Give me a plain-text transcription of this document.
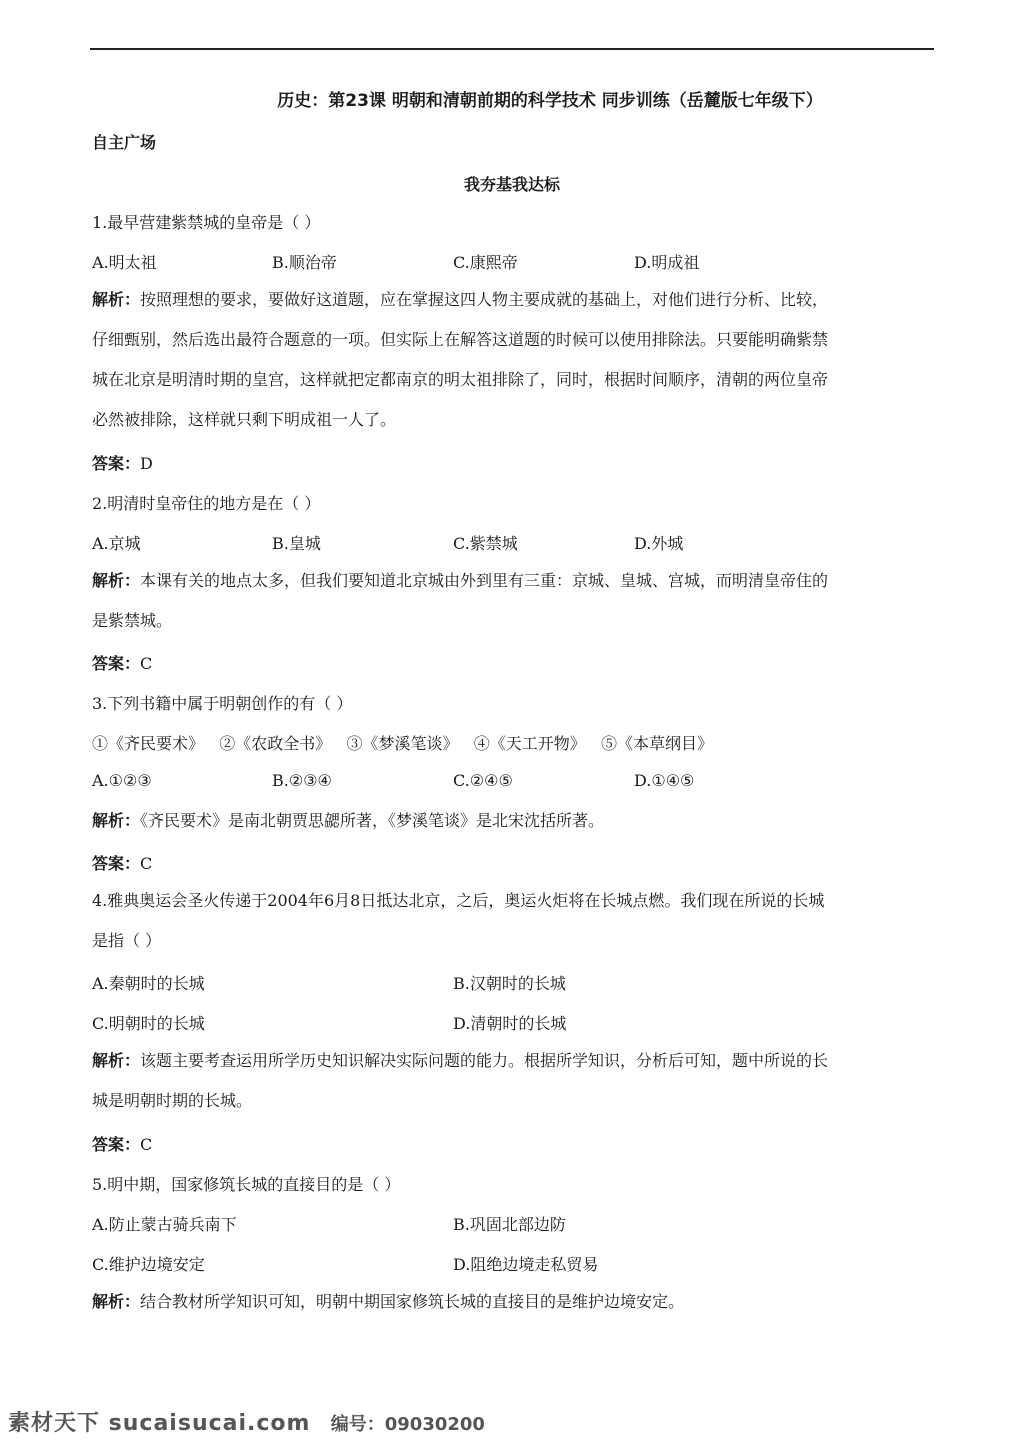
历史：第23课 明朝和清朝前期的科学技术 同步训练（岳麓版七年级下）
自主广场
我夯基我达标
1.最早营建紫禁城的皇帝是（ ）
A.明太祖	B.顺治帝	C.康熙帝	D.明成祖
解析：按照理想的要求，要做好这道题，应在掌握这四人物主要成就的基础上，对他们进行分析、比较，
仔细甄别，然后选出最符合题意的一项。但实际上在解答这道题的时候可以使用排除法。只要能明确紫禁
城在北京是明清时期的皇宫，这样就把定都南京的明太祖排除了，同时，根据时间顺序，清朝的两位皇帝
必然被排除，这样就只剩下明成祖一人了。
答案：D
2.明清时皇帝住的地方是在（ ）
A.京城	B.皇城	C.紫禁城	D.外城
解析：本课有关的地点太多，但我们要知道北京城由外到里有三重：京城、皇城、宫城，而明清皇帝住的
是紫禁城。
答案：C
3.下列书籍中属于明朝创作的有（ ）
①《齐民要术》   ②《农政全书》   ③《梦溪笔谈》   ④《天工开物》   ⑤《本草纲目》
A.①②③	B.②③④	C.②④⑤	D.①④⑤
解析：《齐民要术》是南北朝贾思勰所著，《梦溪笔谈》是北宋沈括所著。
答案：C
4.雅典奥运会圣火传递于2004年6月8日抵达北京，之后，奥运火炬将在长城点燃。我们现在所说的长城
是指（ ）
A.秦朝时的长城	B.汉朝时的长城
C.明朝时的长城	D.清朝时的长城
解析：该题主要考查运用所学历史知识解决实际问题的能力。根据所学知识，分析后可知，题中所说的长
城是明朝时期的长城。
答案：C
5.明中期，国家修筑长城的直接目的是（ ）
A.防止蒙古骑兵南下	B.巩固北部边防
C.维护边境安定	D.阻绝边境走私贸易
解析：结合教材所学知识可知，明朝中期国家修筑长城的直接目的是维护边境安定。
素材天下 sucaisucai.com 编号：09030200
